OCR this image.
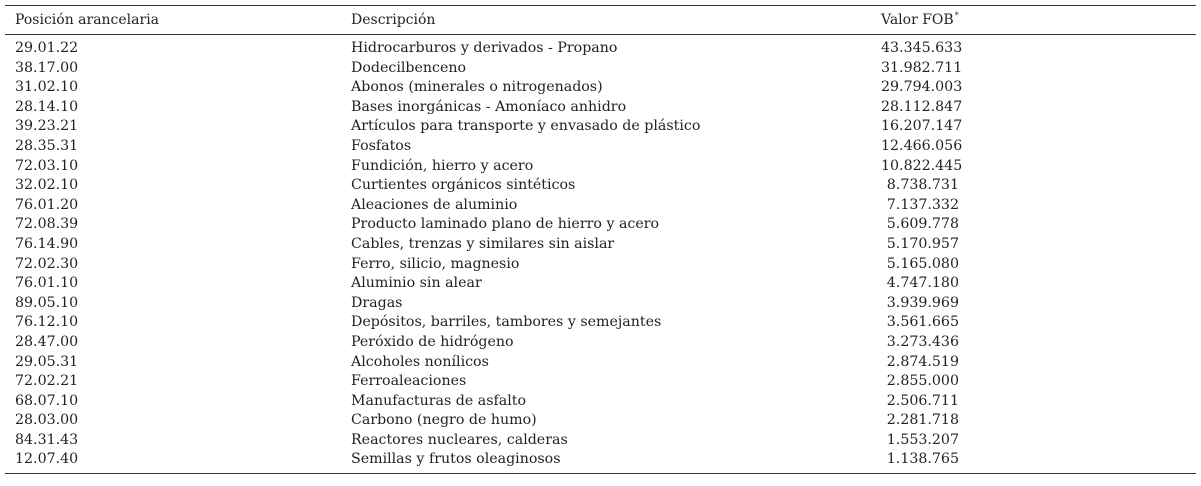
Posición arancelaria	Descripción	Valor FOB*
29.01.22	Hidrocarburos y derivados - Propano	43.345.633
38.17.00	Dodecilbenceno	31.982.711
31.02.10	Abonos (minerales o nitrogenados)	29.794.003
28.14.10	Bases inorgánicas - Amoníaco anhidro	28.112.847
39.23.21	Artículos para transporte y envasado de plástico	16.207.147
28.35.31	Fosfatos	12.466.056
72.03.10	Fundición, hierro y acero	10.822.445
32.02.10	Curtientes orgánicos sintéticos	8.738.731
76.01.20	Aleaciones de aluminio	7.137.332
72.08.39	Producto laminado plano de hierro y acero	5.609.778
76.14.90	Cables, trenzas y similares sin aislar	5.170.957
72.02.30	Ferro, silicio, magnesio	5.165.080
76.01.10	Aluminio sin alear	4.747.180
89.05.10	Dragas	3.939.969
76.12.10	Depósitos, barriles, tambores y semejantes	3.561.665
28.47.00	Peróxido de hidrógeno	3.273.436
29.05.31	Alcoholes nonílicos	2.874.519
72.02.21	Ferroaleaciones	2.855.000
68.07.10	Manufacturas de asfalto	2.506.711
28.03.00	Carbono (negro de humo)	2.281.718
84.31.43	Reactores nucleares, calderas	1.553.207
12.07.40	Semillas y frutos oleaginosos	1.138.765
